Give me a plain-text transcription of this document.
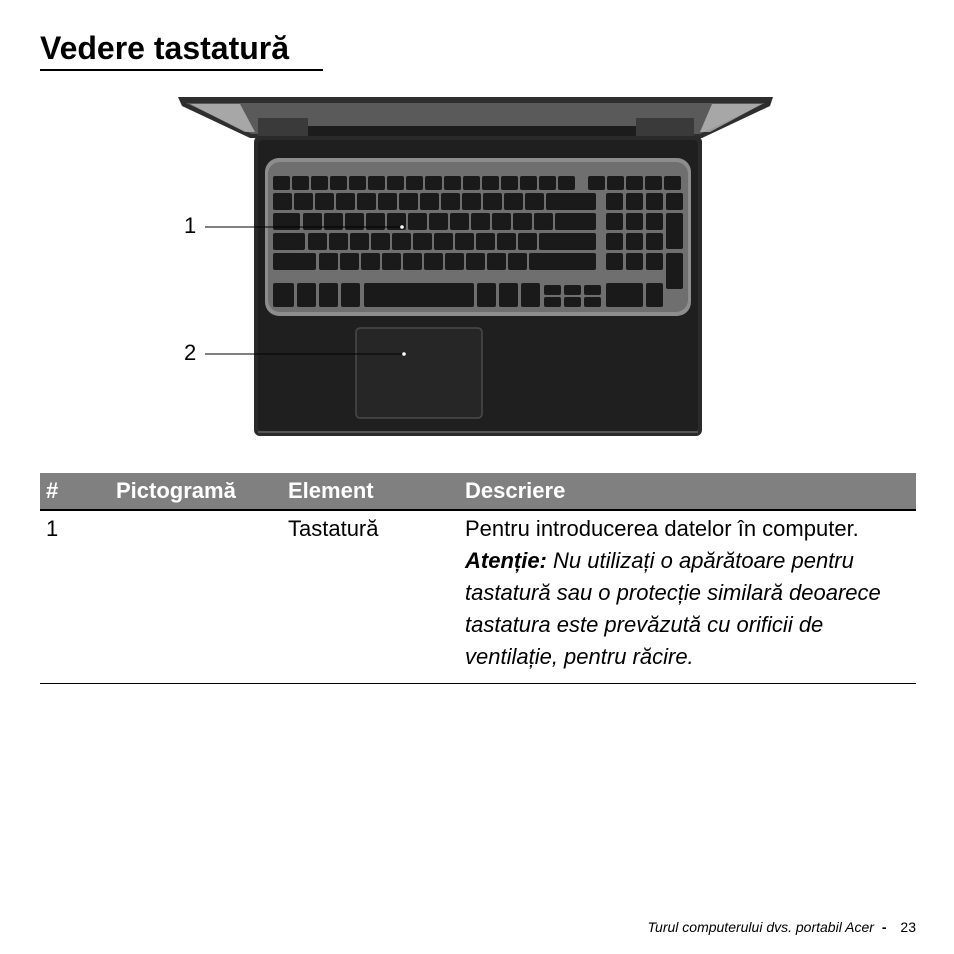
Vedere tastatură
1
2
#	Pictogramă	Element	Descriere
1		Tastatură	Pentru introducerea datelor în computer.
Atenție: Nu utilizați o apărătoare pentru tastatură sau o protecție similară deoarece tastatura este prevăzută cu orificii de ventilație, pentru răcire.
Turul computerului dvs. portabil Acer - 23
